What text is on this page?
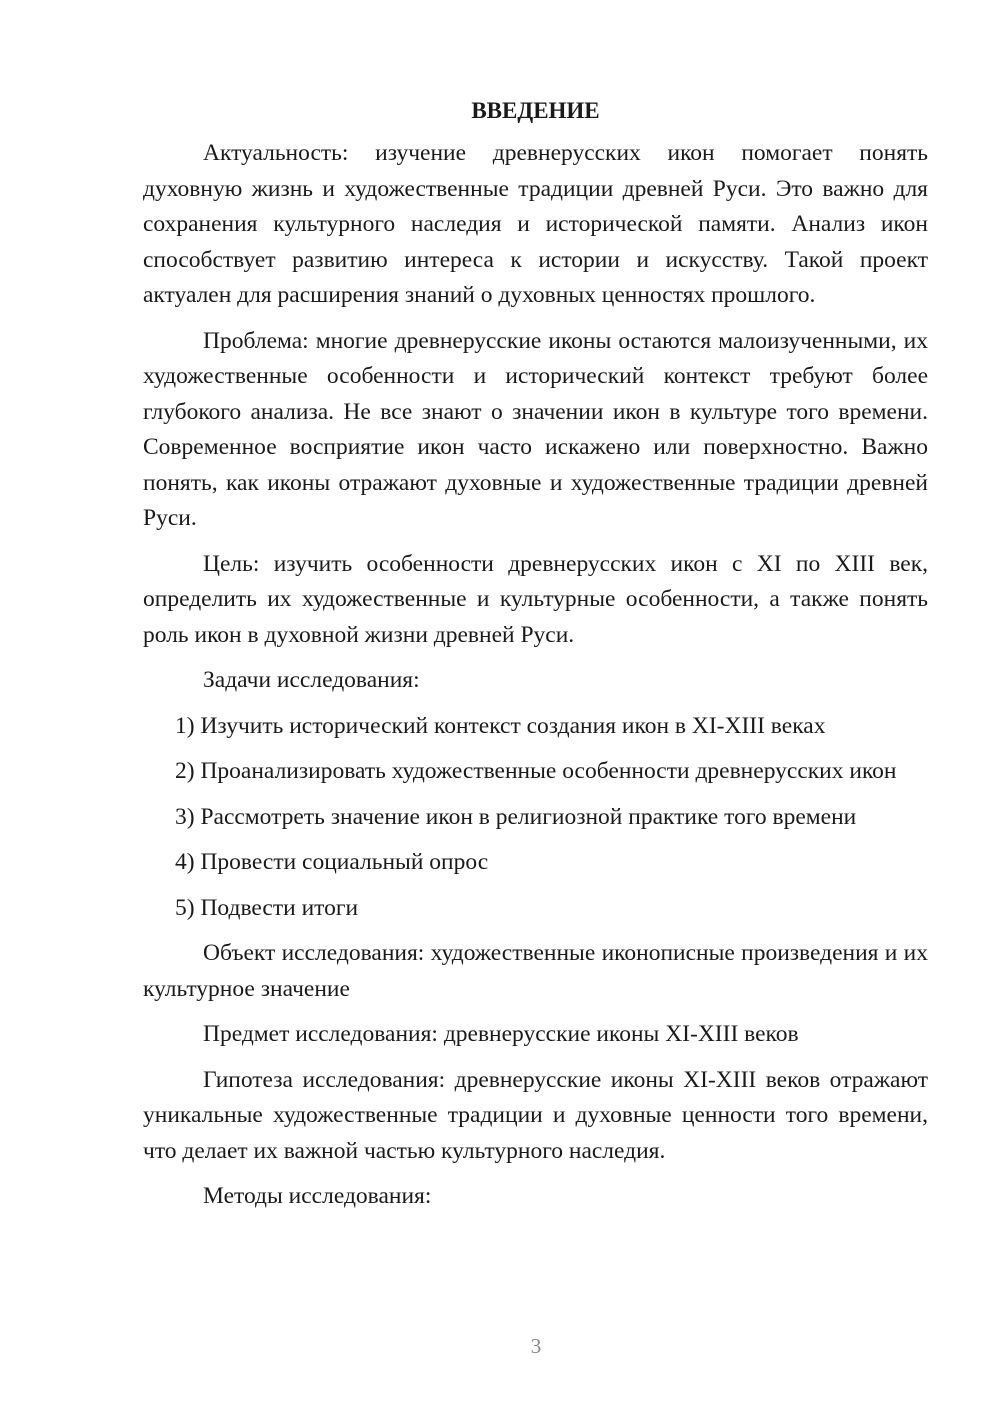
ВВЕДЕНИЕ

Актуальность: изучение древнерусских икон помогает понять духовную жизнь и художественные традиции древней Руси. Это важно для сохранения культурного наследия и исторической памяти. Анализ икон способствует развитию интереса к истории и искусству. Такой проект актуален для расширения знаний о духовных ценностях прошлого.

Проблема: многие древнерусские иконы остаются малоизученными, их художественные особенности и исторический контекст требуют более глубокого анализа. Не все знают о значении икон в культуре того времени. Современное восприятие икон часто искажено или поверхностно. Важно понять, как иконы отражают духовные и художественные традиции древней Руси.

Цель: изучить особенности древнерусских икон с XI по XIII век, определить их художественные и культурные особенности, а также понять роль икон в духовной жизни древней Руси.

Задачи исследования:

1) Изучить исторический контекст создания икон в XI-XIII веках

2) Проанализировать художественные особенности древнерусских икон

3) Рассмотреть значение икон в религиозной практике того времени

4) Провести социальный опрос

5) Подвести итоги

Объект исследования: художественные иконописные произведения и их культурное значение

Предмет исследования: древнерусские иконы XI-XIII веков

Гипотеза исследования: древнерусские иконы XI-XIII веков отражают уникальные художественные традиции и духовные ценности того времени, что делает их важной частью культурного наследия.

Методы исследования:

3
